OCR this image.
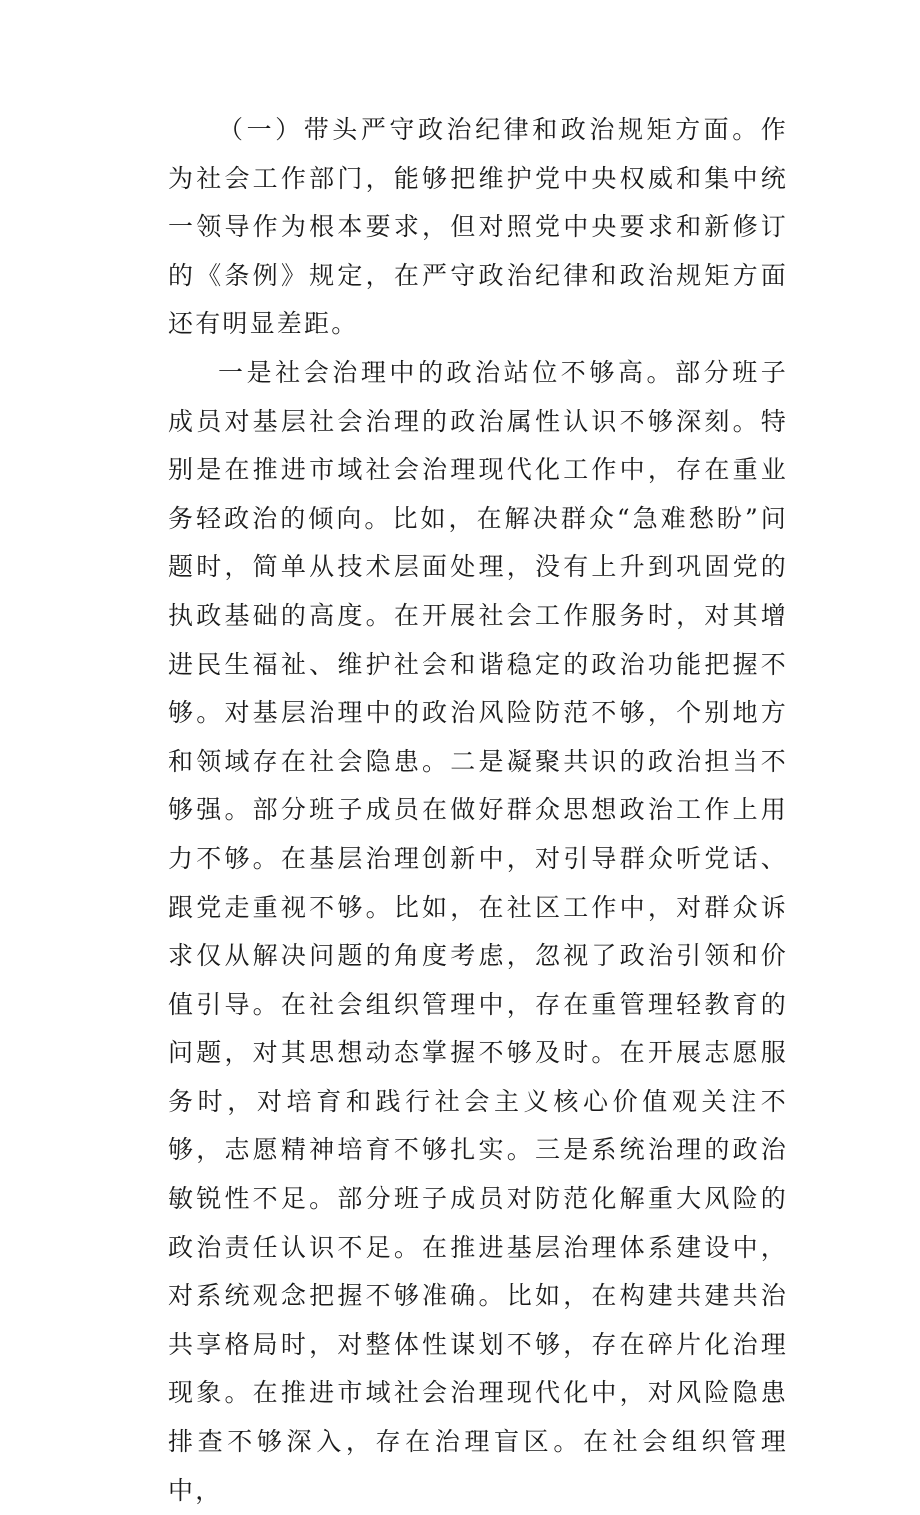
（一）带头严守政治纪律和政治规矩方面。作为社会工作部门，能够把维护党中央权威和集中统一领导作为根本要求，但对照党中央要求和新修订的《条例》规定，在严守政治纪律和政治规矩方面还有明显差距。

一是社会治理中的政治站位不够高。部分班子成员对基层社会治理的政治属性认识不够深刻。特别是在推进市域社会治理现代化工作中，存在重业务轻政治的倾向。比如，在解决群众“急难愁盼”问题时，简单从技术层面处理，没有上升到巩固党的执政基础的高度。在开展社会工作服务时，对其增进民生福祉、维护社会和谐稳定的政治功能把握不够。对基层治理中的政治风险防范不够，个别地方和领域存在社会隐患。二是凝聚共识的政治担当不够强。部分班子成员在做好群众思想政治工作上用力不够。在基层治理创新中，对引导群众听党话、跟党走重视不够。比如，在社区工作中，对群众诉求仅从解决问题的角度考虑，忽视了政治引领和价值引导。在社会组织管理中，存在重管理轻教育的问题，对其思想动态掌握不够及时。在开展志愿服务时，对培育和践行社会主义核心价值观关注不够，志愿精神培育不够扎实。三是系统治理的政治敏锐性不足。部分班子成员对防范化解重大风险的政治责任认识不足。在推进基层治理体系建设中，对系统观念把握不够准确。比如，在构建共建共治共享格局时，对整体性谋划不够，存在碎片化治理现象。在推进市域社会治理现代化中，对风险隐患排查不够深入，存在治理盲区。在社会组织管理中，
